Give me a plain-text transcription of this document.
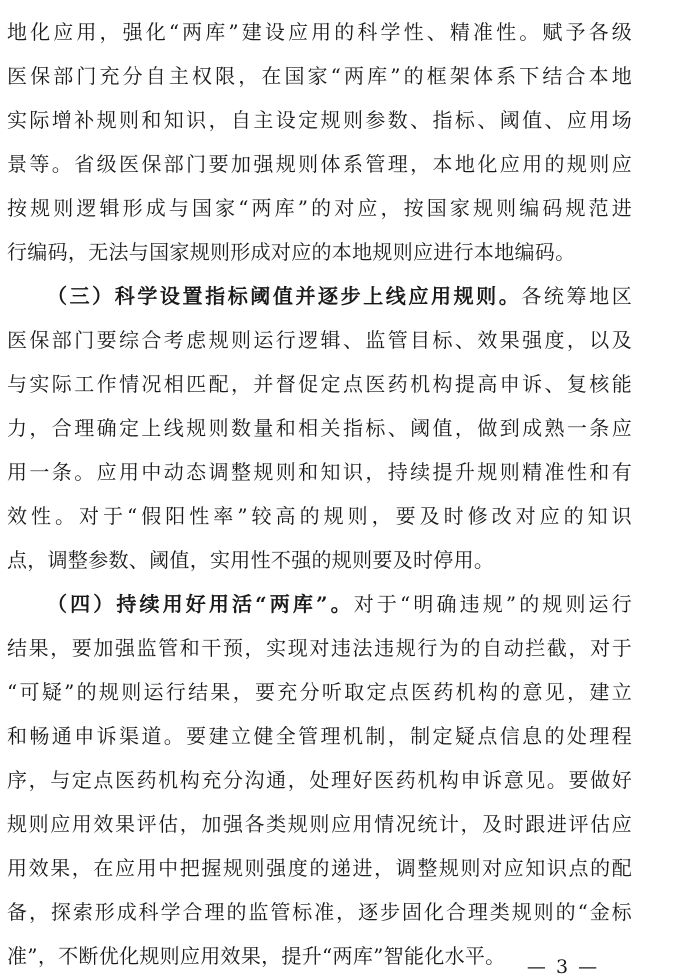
地化应用，强化“两库”建设应用的科学性、精准性。赋予各级
医保部门充分自主权限，在国家“两库”的框架体系下结合本地
实际增补规则和知识，自主设定规则参数、指标、阈值、应用场
景等。省级医保部门要加强规则体系管理，本地化应用的规则应
按规则逻辑形成与国家“两库”的对应，按国家规则编码规范进
行编码，无法与国家规则形成对应的本地规则应进行本地编码。
（三）科学设置指标阈值并逐步上线应用规则。各统筹地区
医保部门要综合考虑规则运行逻辑、监管目标、效果强度，以及
与实际工作情况相匹配，并督促定点医药机构提高申诉、复核能
力，合理确定上线规则数量和相关指标、阈值，做到成熟一条应
用一条。应用中动态调整规则和知识，持续提升规则精准性和有
效性。对于“假阳性率”较高的规则，要及时修改对应的知识
点，调整参数、阈值，实用性不强的规则要及时停用。
（四）持续用好用活“两库”。对于“明确违规”的规则运行
结果，要加强监管和干预，实现对违法违规行为的自动拦截，对于
“可疑”的规则运行结果，要充分听取定点医药机构的意见，建立
和畅通申诉渠道。要建立健全管理机制，制定疑点信息的处理程
序，与定点医药机构充分沟通，处理好医药机构申诉意见。要做好
规则应用效果评估，加强各类规则应用情况统计，及时跟进评估应
用效果，在应用中把握规则强度的递进，调整规则对应知识点的配
备，探索形成科学合理的监管标准，逐步固化合理类规则的“金标
准”，不断优化规则应用效果，提升“两库”智能化水平。	— 3 —
